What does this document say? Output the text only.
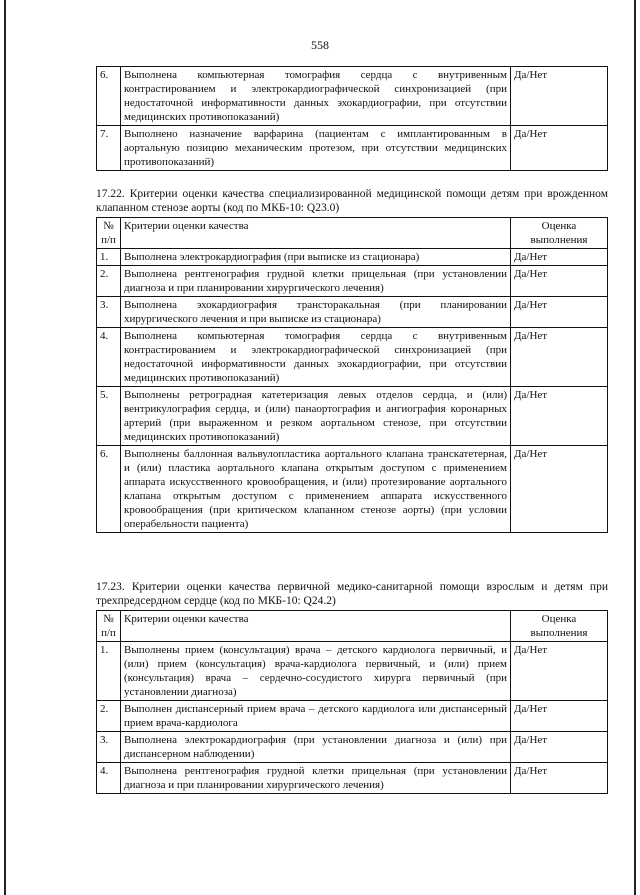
558
6.	Выполнена компьютерная томография сердца с внутривенным контрастированием и электрокардиографической синхронизацией (при недостаточной информативности данных эхокардиографии, при отсутствии медицинских противопоказаний)	Да/Нет
7.	Выполнено назначение варфарина (пациентам с имплантированным в аортальную позицию механическим протезом, при отсутствии медицинских противопоказаний)	Да/Нет
17.22. Критерии оценки качества специализированной медицинской помощи детям при врожденном клапанном стенозе аорты (код по МКБ-10: Q23.0)
№ п/п	Критерии оценки качества	Оценка выполнения
1.	Выполнена электрокардиография (при выписке из стационара)	Да/Нет
2.	Выполнена рентгенография грудной клетки прицельная (при установлении диагноза и при планировании хирургического лечения)	Да/Нет
3.	Выполнена эхокардиография трансторакальная (при планировании хирургического лечения и при выписке из стационара)	Да/Нет
4.	Выполнена компьютерная томография сердца с внутривенным контрастированием и электрокардиографической синхронизацией (при недостаточной информативности данных эхокардиографии, при отсутствии медицинских противопоказаний)	Да/Нет
5.	Выполнены ретроградная катетеризация левых отделов сердца, и (или) вентрикулография сердца, и (или) панаортография и ангиография коронарных артерий (при выраженном и резком аортальном стенозе, при отсутствии медицинских противопоказаний)	Да/Нет
6.	Выполнены баллонная вальвулопластика аортального клапана транскатетерная, и (или) пластика аортального клапана открытым доступом с применением аппарата искусственного кровообращения, и (или) протезирование аортального клапана открытым доступом с применением аппарата искусственного кровообращения (при критическом клапанном стенозе аорты) (при условии операбельности пациента)	Да/Нет
17.23. Критерии оценки качества первичной медико-санитарной помощи взрослым и детям при трехпредсердном сердце (код по МКБ-10: Q24.2)
№ п/п	Критерии оценки качества	Оценка выполнения
1.	Выполнены прием (консультация) врача – детского кардиолога первичный, и (или) прием (консультация) врача-кардиолога первичный, и (или) прием (консультация) врача – сердечно-сосудистого хирурга первичный (при установлении диагноза)	Да/Нет
2.	Выполнен диспансерный прием врача – детского кардиолога или диспансерный прием врача-кардиолога	Да/Нет
3.	Выполнена электрокардиография (при установлении диагноза и (или) при диспансерном наблюдении)	Да/Нет
4.	Выполнена рентгенография грудной клетки прицельная (при установлении диагноза и при планировании хирургического лечения)	Да/Нет
